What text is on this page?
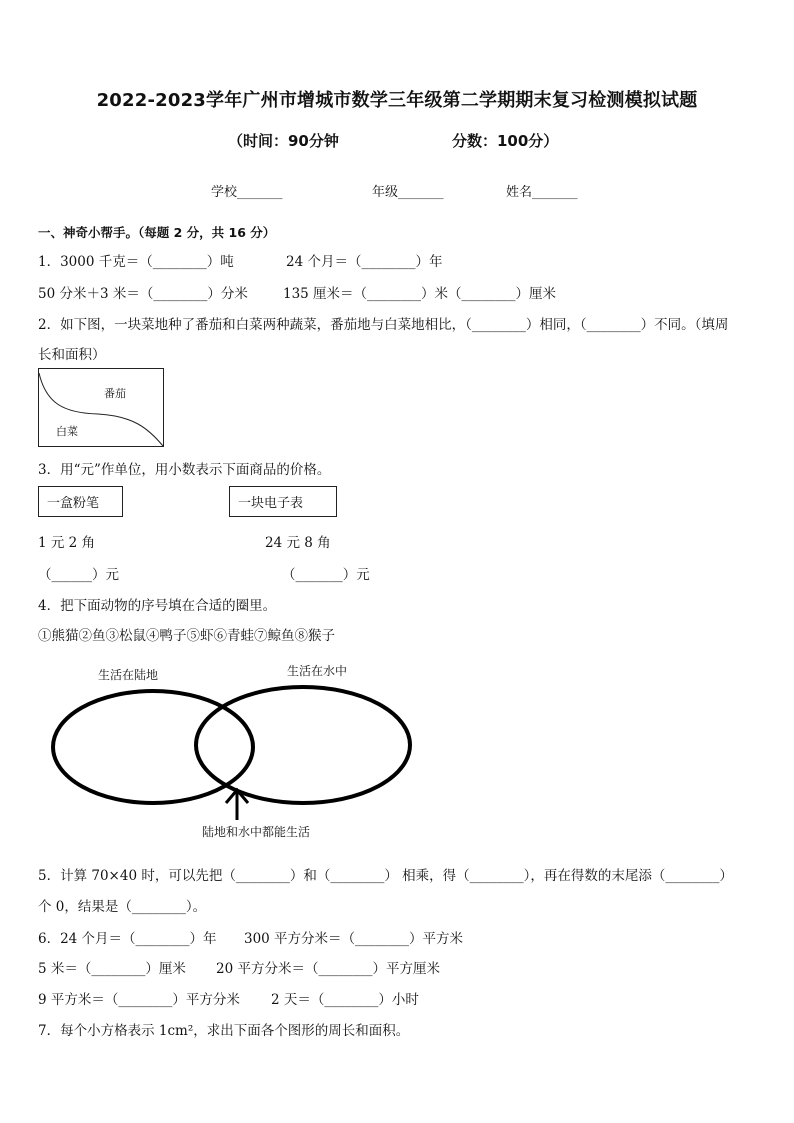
2022-2023学年广州市增城市数学三年级第二学期期末复习检测模拟试题
（时间：90分钟	分数：100分）
学校_______	年级_______	姓名_______
一、神奇小帮手。（每题 2 分，共 16 分）
1．3000 千克＝（________）吨	24 个月＝（________）年
50 分米＋3 米＝（________）分米	135 厘米＝（________）米（________）厘米
2．如下图，一块菜地种了番茄和白菜两种蔬菜，番茄地与白菜地相比，（________）相同，（________）不同。（填周
长和面积）
番茄
白菜
3．用“元”作单位，用小数表示下面商品的价格。
一盒粉笔	一块电子表
1 元 2 角	24 元 8 角
（______）元	（_______）元
4．把下面动物的序号填在合适的圈里。
①熊猫②鱼③松鼠④鸭子⑤虾⑥青蛙⑦鲸鱼⑧猴子
生活在陆地	生活在水中
陆地和水中都能生活
5．计算 70×40 时，可以先把（________）和（________） 相乘，得（________），再在得数的末尾添（________）
个 0，结果是（________）。
6．24 个月＝（________）年 300 平方分米＝（________）平方米
5 米＝（________）厘米 20 平方分米＝（________）平方厘米
9 平方米＝（________）平方分米 2 天＝（________）小时
7．每个小方格表示 1cm²，求出下面各个图形的周长和面积。
